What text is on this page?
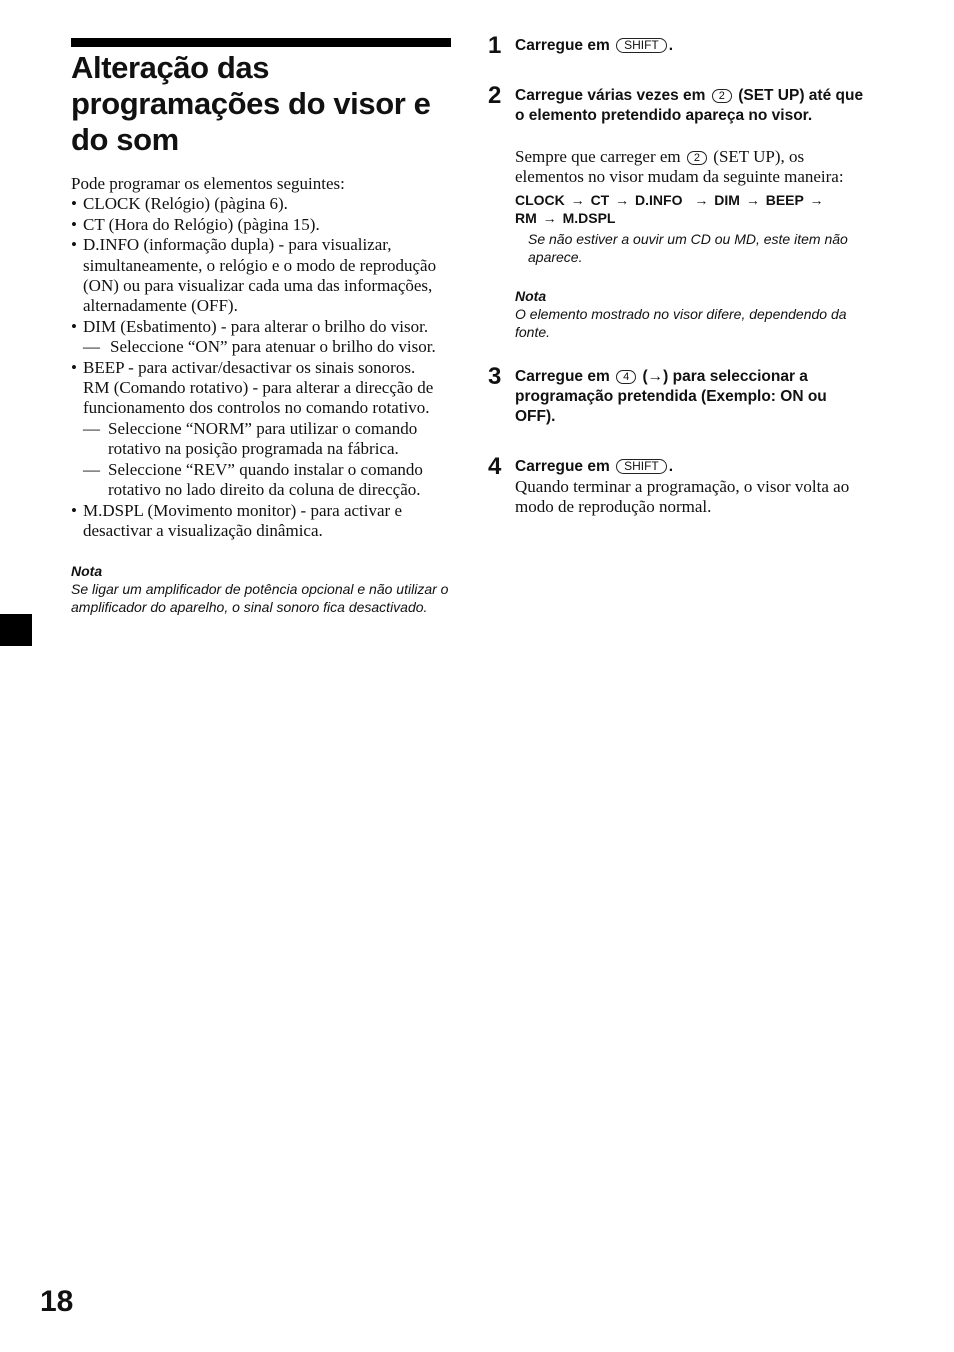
Alteração das
programações do visor e
do som

Pode programar os elementos seguintes:

• CLOCK (Relógio) (pàgina 6).
• CT (Hora do Relógio) (pàgina 15).
• D.INFO (informação dupla) - para visualizar, simultaneamente, o relógio e o modo de reprodução (ON) ou para visualizar cada uma das informações, alternadamente (OFF).
• DIM (Esbatimento) - para alterar o brilho do visor.
— Seleccione “ON” para atenuar o brilho do visor.
• BEEP - para activar/desactivar os sinais sonoros.
RM (Comando rotativo) - para alterar a direcção de funcionamento dos controlos no comando rotativo.
— Seleccione “NORM” para utilizar o comando rotativo na posição programada na fábrica.
— Seleccione “REV” quando instalar o comando rotativo no lado direito da coluna de direcção.
• M.DSPL (Movimento monitor) - para activar e desactivar a visualização dinâmica.

Nota

Se ligar um amplificador de potência opcional e não utilizar o amplificador do aparelho, o sinal sonoro fica desactivado.

1 Carregue em SHIFT .

2 Carregue várias vezes em 2 (SET UP) até que o elemento pretendido apareça no visor.

Sempre que carreger em 2 (SET UP), os elementos no visor mudam da seguinte maneira:

CLOCK → CT → D.INFO → DIM → BEEP →
RM → M.DSPL

Se não estiver a ouvir um CD ou MD, este item não aparece.

Nota

O elemento mostrado no visor difere, dependendo da fonte.

3 Carregue em 4 (→) para seleccionar a programação pretendida (Exemplo: ON ou OFF).

4 Carregue em SHIFT .

Quando terminar a programação, o visor volta ao modo de reprodução normal.

18
